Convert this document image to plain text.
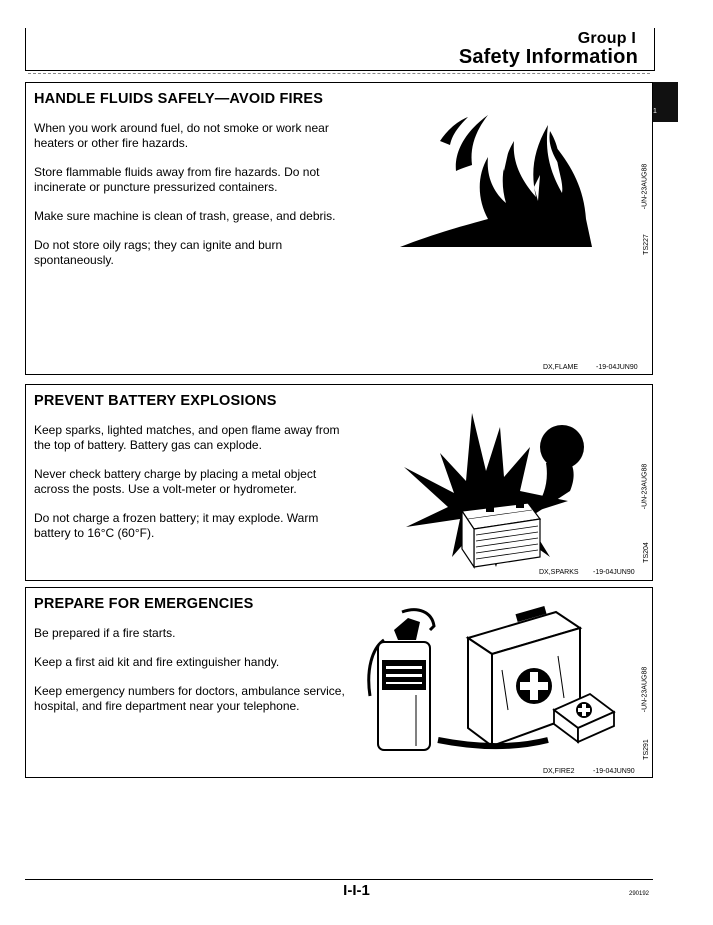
Group I
Safety Information
1
HANDLE FLUIDS SAFELY—AVOID FIRES

When you work around fuel, do not smoke or work near heaters or other fire hazards.

Store flammable fluids away from fire hazards. Do not incinerate or puncture pressurized containers.

Make sure machine is clean of trash, grease, and debris.

Do not store oily rags; they can ignite and burn spontaneously.

TS227
-UN-23AUG88
DX,FLAME	-19-04JUN90
PREVENT BATTERY EXPLOSIONS

Keep sparks, lighted matches, and open flame away from the top of battery. Battery gas can explode.

Never check battery charge by placing a metal object across the posts. Use a volt-meter or hydrometer.

Do not charge a frozen battery; it may explode. Warm battery to 16°C (60°F).

TS204
-UN-23AUG88
DX,SPARKS -19-04JUN90
PREPARE FOR EMERGENCIES

Be prepared if a fire starts.

Keep a first aid kit and fire extinguisher handy.

Keep emergency numbers for doctors, ambulance service, hospital, and fire department near your telephone.

TS291
-UN-23AUG88
DX,FIRE2	-19-04JUN90
I-I-1	290192
